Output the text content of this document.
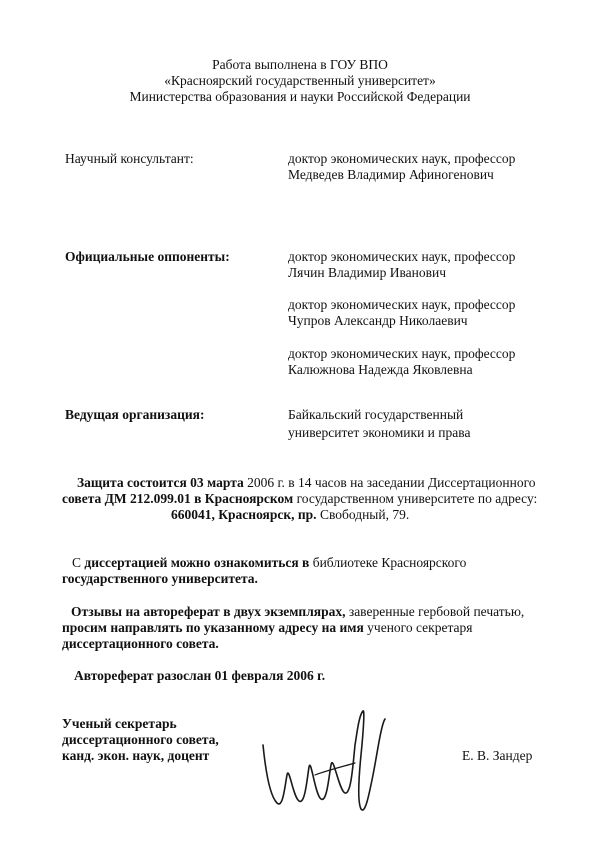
Работа выполнена в ГОУ ВПО
«Красноярский государственный университет»
Министерства образования и науки Российской Федерации
Научный консультант:	доктор экономических наук, профессор
Медведев Владимир Афиногенович
Официальные оппоненты:	доктор экономических наук, профессор
Лячин Владимир Иванович
доктор экономических наук, профессор
Чупров Александр Николаевич
доктор экономических наук, профессор
Калюжнова Надежда Яковлевна
Ведущая организация:	Байкальский государственный
университет экономики и права
Защита состоится 03 марта 2006 г. в 14 часов на заседании Диссертационного
совета ДМ 212.099.01 в Красноярском государственном университете по адресу:
660041, Красноярск, пр. Свободный, 79.
С диссертацией можно ознакомиться в библиотеке Красноярского
государственного университета.
Отзывы на автореферат в двух экземплярах, заверенные гербовой печатью,
просим направлять по указанному адресу на имя ученого секретаря
диссертационного совета.
Автореферат разослан 01 февраля 2006 г.
Ученый секретарь
диссертационного совета,
канд. экон. наук, доцент	Е. В. Зандер
